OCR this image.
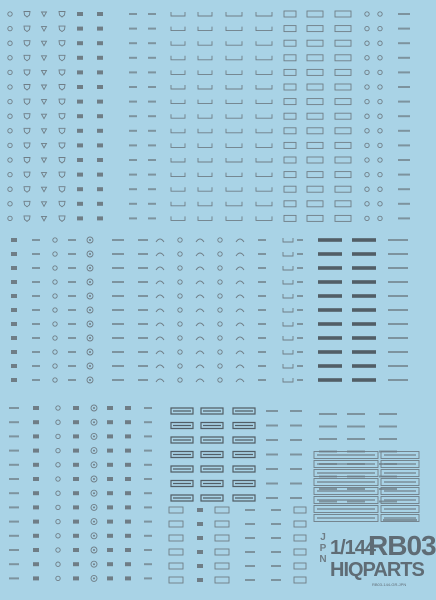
JPN
1/144
RB03
HIQPARTS
RB03-144-GR-JPN
